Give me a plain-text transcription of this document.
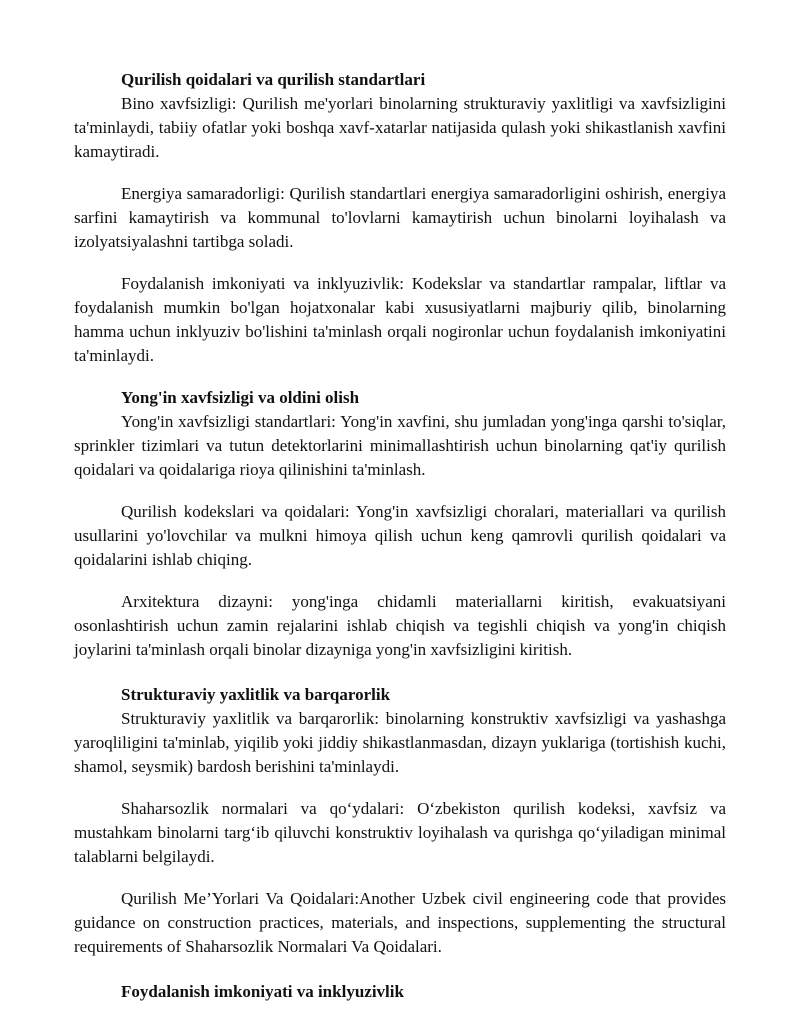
Qurilish qoidalari va qurilish standartlari

Bino xavfsizligi: Qurilish me'yorlari binolarning strukturaviy yaxlitligi va xavfsizligini ta'minlaydi, tabiiy ofatlar yoki boshqa xavf-xatarlar natijasida qulash yoki shikastlanish xavfini kamaytiradi.

Energiya samaradorligi: Qurilish standartlari energiya samaradorligini oshirish, energiya sarfini kamaytirish va kommunal to'lovlarni kamaytirish uchun binolarni loyihalash va izolyatsiyalashni tartibga soladi.

Foydalanish imkoniyati va inklyuzivlik: Kodekslar va standartlar rampalar, liftlar va foydalanish mumkin bo'lgan hojatxonalar kabi xususiyatlarni majburiy qilib, binolarning hamma uchun inklyuziv bo'lishini ta'minlash orqali nogironlar uchun foydalanish imkoniyatini ta'minlaydi.

Yong'in xavfsizligi va oldini olish

Yong'in xavfsizligi standartlari: Yong'in xavfini, shu jumladan yong'inga qarshi to'siqlar, sprinkler tizimlari va tutun detektorlarini minimallashtirish uchun binolarning qat'iy qurilish qoidalari va qoidalariga rioya qilinishini ta'minlash.

Qurilish kodekslari va qoidalari: Yong'in xavfsizligi choralari, materiallari va qurilish usullarini yo'lovchilar va mulkni himoya qilish uchun keng qamrovli qurilish qoidalari va qoidalarini ishlab chiqing.

Arxitektura dizayni: yong'inga chidamli materiallarni kiritish, evakuatsiyani osonlashtirish uchun zamin rejalarini ishlab chiqish va tegishli chiqish va yong'in chiqish joylarini ta'minlash orqali binolar dizayniga yong'in xavfsizligini kiritish.

Strukturaviy yaxlitlik va barqarorlik

Strukturaviy yaxlitlik va barqarorlik: binolarning konstruktiv xavfsizligi va yashashga yaroqliligini ta'minlab, yiqilib yoki jiddiy shikastlanmasdan, dizayn yuklariga (tortishish kuchi, shamol, seysmik) bardosh berishini ta'minlaydi.

Shaharsozlik normalari va qo‘ydalari: O‘zbekiston qurilish kodeksi, xavfsiz va mustahkam binolarni targ‘ib qiluvchi konstruktiv loyihalash va qurishga qo‘yiladigan minimal talablarni belgilaydi.

Qurilish Me’Yorlari Va Qoidalari:Another Uzbek civil engineering code that provides guidance on construction practices, materials, and inspections, supplementing the structural requirements of Shaharsozlik Normalari Va Qoidalari.

Foydalanish imkoniyati va inklyuzivlik
